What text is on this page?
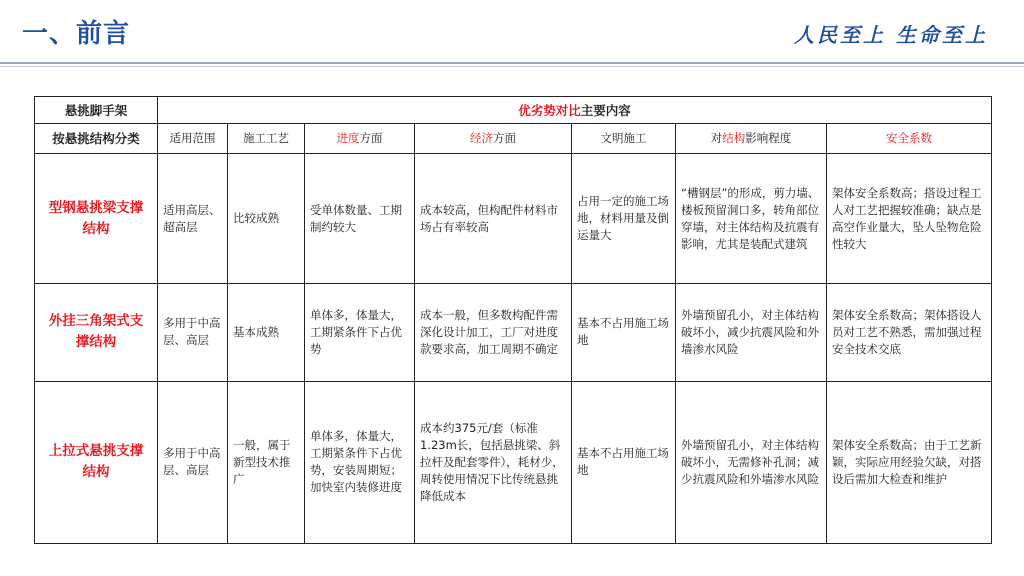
一、前言	人民至上 生命至上
悬挑脚手架	优劣势对比主要内容						
按悬挑结构分类	适用范围	施工工艺	进度方面	经济方面	文明施工	对结构影响程度	安全系数
型钢悬挑梁支撑结构	适用高层、超高层	比较成熟	受单体数量、工期制约较大	成本较高，但构配件材料市场占有率较高	占用一定的施工场地，材料用量及倒运量大	“槽钢层”的形成，剪力墙、楼板预留洞口多，转角部位穿墙，对主体结构及抗震有影响，尤其是装配式建筑	架体安全系数高；搭设过程工人对工艺把握较准确；缺点是高空作业量大，坠人坠物危险性较大
外挂三角架式支撑结构	多用于中高层、高层	基本成熟	单体多，体量大，工期紧条件下占优势	成本一般，但多数构配件需深化设计加工，工厂对进度款要求高，加工周期不确定	基本不占用施工场地	外墙预留孔小，对主体结构破坏小，减少抗震风险和外墙渗水风险	架体安全系数高；架体搭设人员对工艺不熟悉，需加强过程安全技术交底
上拉式悬挑支撑结构	多用于中高层、高层	一般，属于新型技术推广	单体多，体量大，工期紧条件下占优势，安装周期短；加快室内装修进度	成本约375元/套（标准1.23m长，包括悬挑梁、斜拉杆及配套零件），耗材少，周转使用情况下比传统悬挑降低成本	基本不占用施工场地	外墙预留孔小，对主体结构破坏小，无需修补孔洞；减少抗震风险和外墙渗水风险	架体安全系数高；由于工艺新颖，实际应用经验欠缺，对搭设后需加大检查和维护
